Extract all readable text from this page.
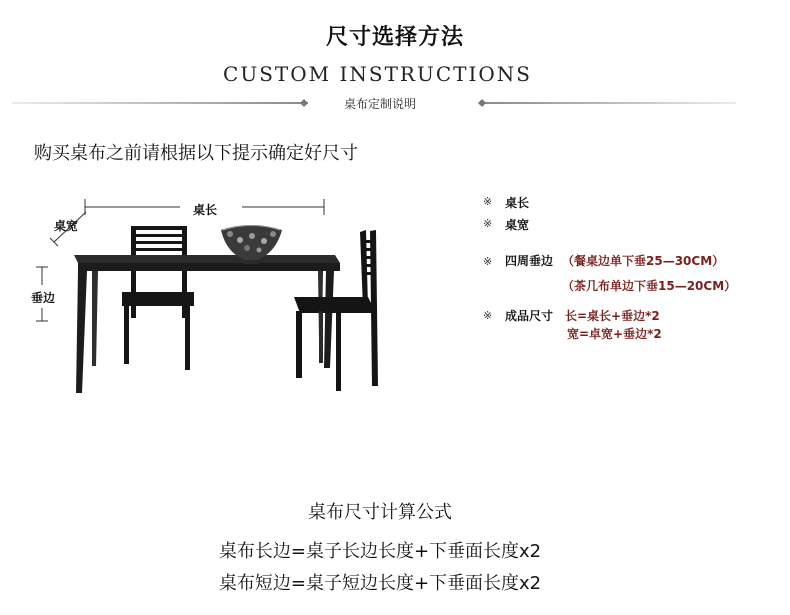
尺寸选择方法
CUSTOM INSTRUCTIONS
桌布定制说明
购买桌布之前请根据以下提示确定好尺寸
桌长
桌宽
垂边
※ 桌长
※ 桌宽
※ 四周垂边 （餐桌边单下垂25—30CM）
（茶几布单边下垂15—20CM）
※ 成品尺寸 长=桌长+垂边*2
宽=卓宽+垂边*2
桌布尺寸计算公式
桌布长边=桌子长边长度+下垂面长度x2
桌布短边=桌子短边长度+下垂面长度x2
